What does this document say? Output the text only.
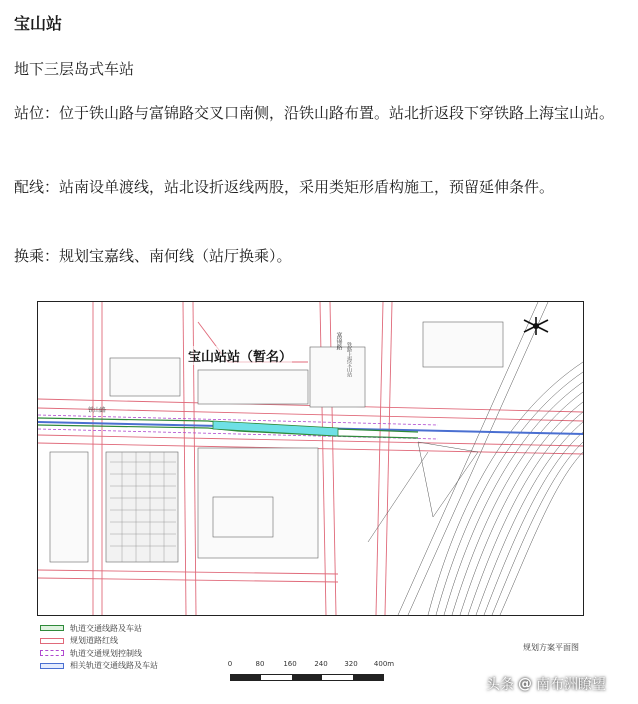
宝山站
地下三层岛式车站
站位：位于铁山路与富锦路交叉口南侧，沿铁山路布置。站北折返段下穿铁路上海宝山站。
配线：站南设单渡线，站北设折返线两股，采用类矩形盾构施工，预留延伸条件。
换乘：规划宝嘉线、南何线（站厅换乘）。
宝山站站（暂名）
铁山路
富锦路
铁路上海宝山站
轨道交通线路及车站
规划道路红线
轨道交通规划控制线
相关轨道交通线路及车站	0	80	160	240 320 400m
规划方案平面图
头条 @ 南布洲瞭望
